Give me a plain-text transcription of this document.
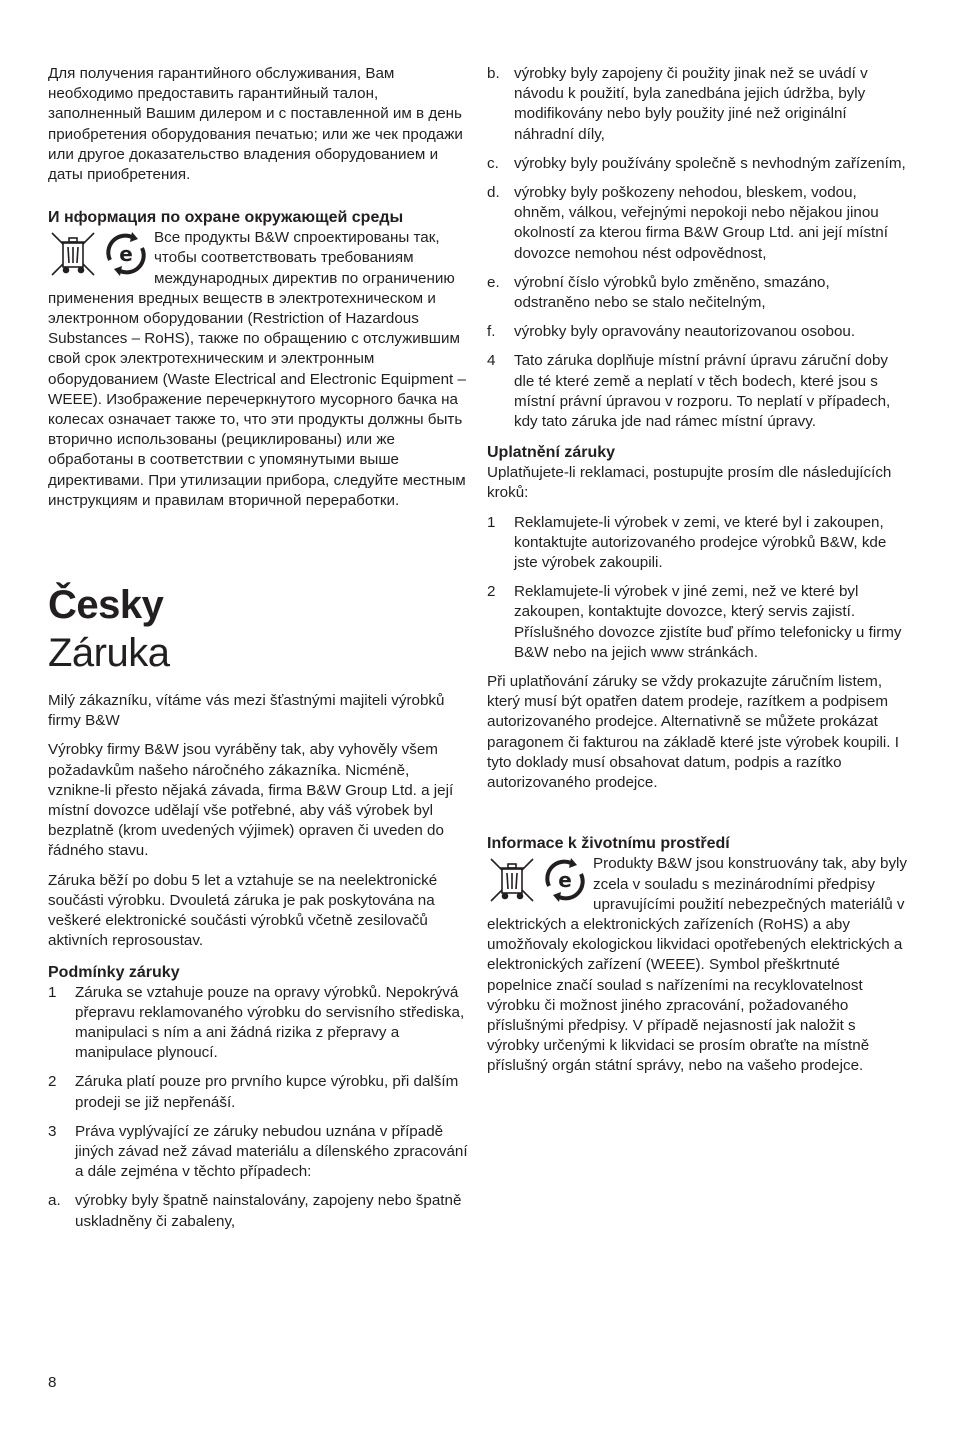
Для получения гарантийного обслуживания, Вам необходимо предоставить гарантийный талон, заполненный Вашим дилером и с поставленной им в день приобретения оборудования печатью; или же чек продажи или другое доказательство владения оборудованием и даты приобретения.

И нформация по охране окружающей среды
e

Все продукты B&W спроектированы так, чтобы соответствовать требованиям международных директив по ограничению применения вредных веществ в электротехническом и электронном оборудовании (Restriction of Hazardous Substances – RoHS), также по обращению с отслужившим свой срок электротехническим и электронным оборудованием (Waste Electrical and Electronic Equipment – WEEE). Изображение перечеркнутого мусорного бачка на колесах означает также то, что эти продукты должны быть вторично использованы (рециклированы) или же обработаны в соответствии с упомянутыми выше директивами. При утилизации прибора, следуйте местным инструкциям и правилам вторичной переработки.

Česky
Záruka

Milý zákazníku, vítáme vás mezi šťastnými majiteli výrobků firmy B&W

Výrobky firmy B&W jsou vyráběny tak, aby vyhověly všem požadavkům našeho náročného zákazníka. Nicméně, vznikne-li přesto nějaká závada, firma B&W Group Ltd. a její místní dovozce udělají vše potřebné, aby váš výrobek byl bezplatně (krom uvedených výjimek) opraven či uveden do řádného stavu.

Záruka běží po dobu 5 let a vztahuje se na neelektronické součásti výrobku. Dvouletá záruka je pak poskytována na veškeré elektronické součásti výrobků včetně zesilovačů aktivních reprosoustav.

Podmínky záruky
1	Záruka se vztahuje pouze na opravy výrobků. Nepokrývá přepravu reklamovaného výrobku do servisního střediska, manipulaci s ním a ani žádná rizika z přepravy a manipulace plynoucí.
2	Záruka platí pouze pro prvního kupce výrobku, při dalším prodeji se již nepřenáší.
3	Práva vyplývající ze záruky nebudou uznána v případě jiných závad než závad materiálu a dílenského zpracování a dále zejména v těchto případech:
a. výrobky byly špatně nainstalovány, zapojeny nebo špatně uskladněny či zabaleny,
b. výrobky byly zapojeny či použity jinak než se uvádí v návodu k použití, byla zanedbána jejich údržba, byly modifikovány nebo byly použity jiné než originální náhradní díly,
c. výrobky byly používány společně s nevhodným zařízením,
d. výrobky byly poškozeny nehodou, bleskem, vodou, ohněm, válkou, veřejnými nepokoji nebo nějakou jinou okolností za kterou firma B&W Group Ltd. ani její místní dovozce nemohou nést odpovědnost,
e. výrobní číslo výrobků bylo změněno, smazáno, odstraněno nebo se stalo nečitelným,
f.	výrobky byly opravovány neautorizovanou osobou.
4	Tato záruka doplňuje místní právní úpravu záruční doby dle té které země a neplatí v těch bodech, které jsou s místní právní úpravou v rozporu. To neplatí v případech, kdy tato záruka jde nad rámec místní úpravy.
Uplatnění záruky

Uplatňujete-li reklamaci, postupujte prosím dle následujících kroků:

1	Reklamujete-li výrobek v zemi, ve které byl i zakoupen, kontaktujte autorizovaného prodejce výrobků B&W, kde jste výrobek zakoupili.
2	Reklamujete-li výrobek v jiné zemi, než ve které byl zakoupen, kontaktujte dovozce, který servis zajistí. Příslušného dovozce zjistíte buď přímo telefonicky u firmy B&W nebo na jejich www stránkách.

Při uplatňování záruky se vždy prokazujte záručním listem, který musí být opatřen datem prodeje, razítkem a podpisem autorizovaného prodejce. Alternativně se můžete prokázat paragonem či fakturou na základě které jste výrobek koupili. I tyto doklady musí obsahovat datum, podpis a razítko autorizovaného prodejce.

Informace k životnímu prostředí
e

Produkty B&W jsou konstruovány tak, aby byly zcela v souladu s mezinárodními předpisy upravujícími použití nebezpečných materiálů v elektrických a elektronických zařízeních (RoHS) a aby umožňovaly ekologickou likvidaci opotřebených elektrických a elektronických zařízení (WEEE). Symbol přeškrtnuté popelnice značí soulad s nařízeními na recyklovatelnost výrobku či možnost jiného zpracování, požadovaného příslušnými předpisy. V případě nejasností jak naložit s výrobky určenými k likvidaci se prosím obraťte na místně příslušný orgán státní správy, nebo na vašeho prodejce.

8
